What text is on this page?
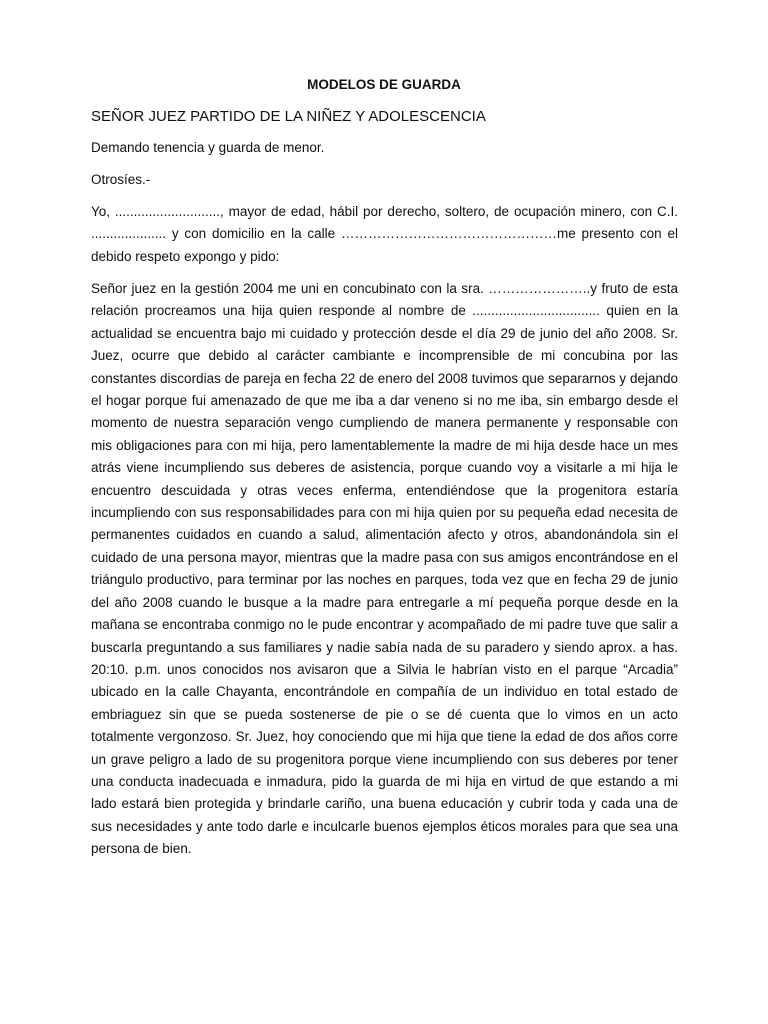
MODELOS DE GUARDA

SEÑOR JUEZ PARTIDO DE LA NIÑEZ Y ADOLESCENCIA

Demando tenencia y guarda de menor.

Otrosíes.-

Yo, ............................, mayor de edad, hábil por derecho, soltero, de ocupación minero, con C.I. .................... y con domicilio en la calle …………………………………………me presento con el debido respeto expongo y pido:

Señor juez en la gestión 2004 me uni en concubinato con la sra. …………………..y fruto de esta relación procreamos una hija quien responde al nombre de .................................. quien en la actualidad se encuentra bajo mi cuidado y protección desde el día 29 de junio del año 2008. Sr. Juez, ocurre que debido al carácter cambiante e incomprensible de mi concubina por las constantes discordias de pareja en fecha 22 de enero del 2008 tuvimos que separarnos y dejando el hogar porque fui amenazado de que me iba a dar veneno si no me iba, sin embargo desde el momento de nuestra separación vengo cumpliendo de manera permanente y responsable con mis obligaciones para con mi hija, pero lamentablemente la madre de mi hija desde hace un mes atrás viene incumpliendo sus deberes de asistencia, porque cuando voy a visitarle a mi hija le encuentro descuidada y otras veces enferma, entendiéndose que la progenitora estaría incumpliendo con sus responsabilidades para con mi hija quien por su pequeña edad necesita de permanentes cuidados en cuando a salud, alimentación afecto y otros, abandonándola sin el cuidado de una persona mayor, mientras que la madre pasa con sus amigos encontrándose en el triángulo productivo, para terminar por las noches en parques, toda vez que en fecha 29 de junio del año 2008 cuando le busque a la madre para entregarle a mí pequeña porque desde en la mañana se encontraba conmigo no le pude encontrar y acompañado de mi padre tuve que salir a buscarla preguntando a sus familiares y nadie sabía nada de su paradero y siendo aprox. a has. 20:10. p.m. unos conocidos nos avisaron que a Silvia le habrían visto en el parque “Arcadia” ubicado en la calle Chayanta, encontrándole en compañía de un individuo en total estado de embriaguez sin que se pueda sostenerse de pie o se dé cuenta que lo vimos en un acto totalmente vergonzoso. Sr. Juez, hoy conociendo que mi hija que tiene la edad de dos años corre un grave peligro a lado de su progenitora porque viene incumpliendo con sus deberes por tener una conducta inadecuada e inmadura, pido la guarda de mi hija en virtud de que estando a mi lado estará bien protegida y brindarle cariño, una buena educación y cubrir toda y cada una de sus necesidades y ante todo darle e inculcarle buenos ejemplos éticos morales para que sea una persona de bien.
